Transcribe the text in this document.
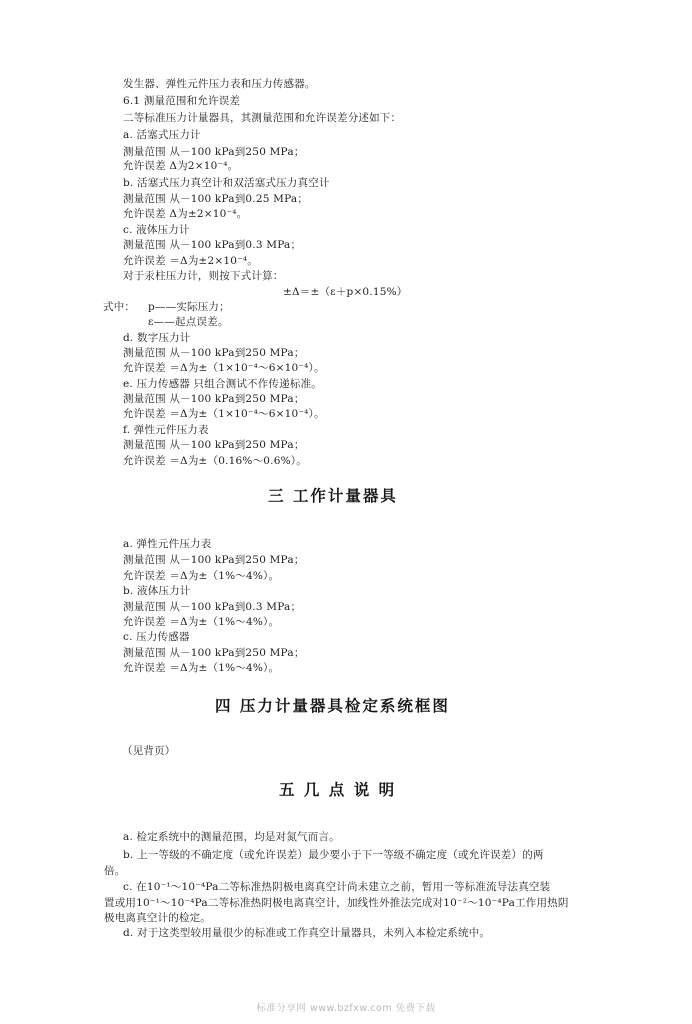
发生器、弹性元件压力表和压力传感器。
6.1 测量范围和允许误差
二等标准压力计量器具，其测量范围和允许误差分述如下：
a. 活塞式压力计
测量范围 从－100 kPa到250 MPa；
允许误差 Δ为2×10⁻⁴。
b. 活塞式压力真空计和双活塞式压力真空计
测量范围 从－100 kPa到0.25 MPa；
允许误差 Δ为±2×10⁻⁴。
c. 液体压力计
测量范围 从－100 kPa到0.3 MPa；
允许误差 ＝Δ为±2×10⁻⁴。
对于汞柱压力计，则按下式计算：
±Δ＝±（ε＋p×0.15%）
式中： p——实际压力；
ε——起点误差。
d. 数字压力计
测量范围 从－100 kPa到250 MPa；
允许误差 ＝Δ为±（1×10⁻⁴～6×10⁻⁴）。
e. 压力传感器 只组合测试不作传递标准。
测量范围 从－100 kPa到250 MPa；
允许误差 ＝Δ为±（1×10⁻⁴～6×10⁻⁴）。
f. 弹性元件压力表
测量范围 从－100 kPa到250 MPa；
允许误差 ＝Δ为±（0.16%～0.6%）。
三 工作计量器具
a. 弹性元件压力表
测量范围 从－100 kPa到250 MPa；
允许误差 ＝Δ为±（1%～4%）。
b. 液体压力计
测量范围 从－100 kPa到0.3 MPa；
允许误差 ＝Δ为±（1%～4%）。
c. 压力传感器
测量范围 从－100 kPa到250 MPa；
允许误差 ＝Δ为±（1%～4%）。
四 压力计量器具检定系统框图
（见背页）
五 几 点 说 明
a. 检定系统中的测量范围，均是对氮气而言。
b. 上一等级的不确定度（或允许误差）最少要小于下一等级不确定度（或允许误差）的两
倍。
c. 在10⁻¹～10⁻⁴Pa二等标准热阴极电离真空计尚未建立之前，暂用一等标准流导法真空装
置或用10⁻¹～10⁻⁴Pa二等标准热阴极电离真空计，加线性外推法完成对10⁻²～10⁻⁴Pa工作用热阴
极电离真空计的检定。
d. 对于这类型较用量很少的标准或工作真空计量器具，未列入本检定系统中。
标准分享网 www.bzfxw.com 免费下载
